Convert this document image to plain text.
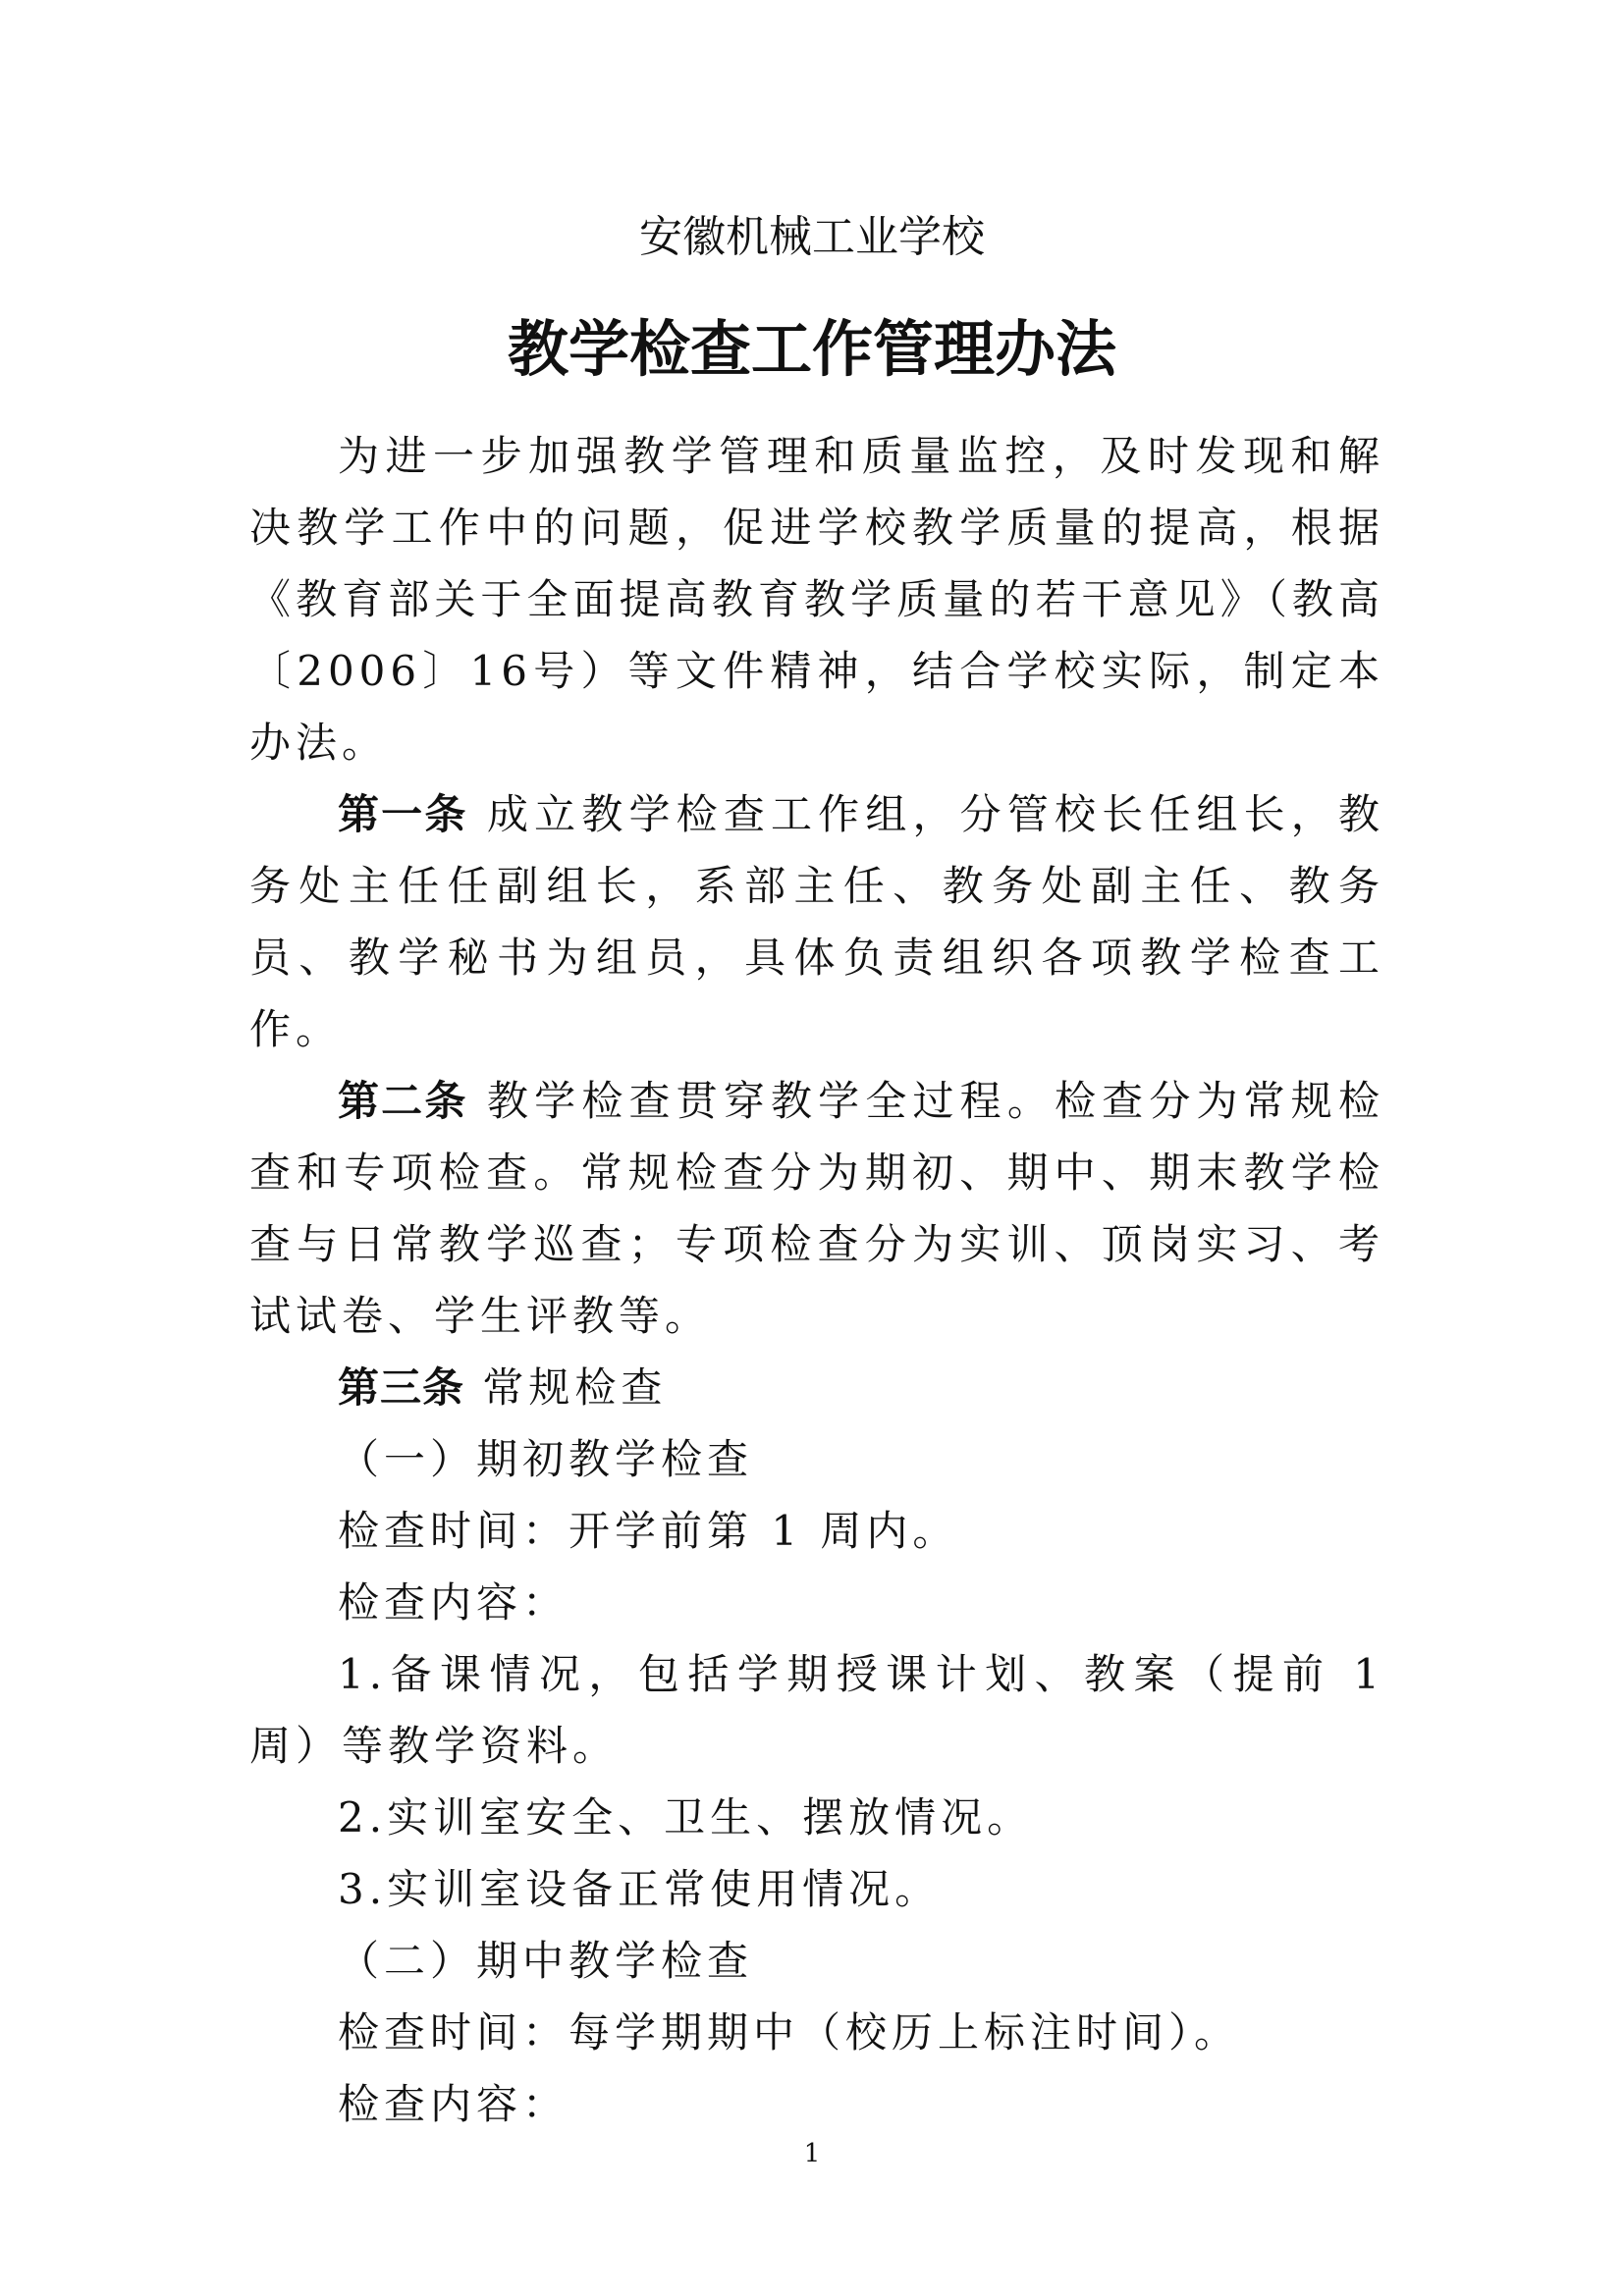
安徽机械工业学校
教学检查工作管理办法

为进一步加强教学管理和质量监控，及时发现和解决教学工作中的问题，促进学校教学质量的提高，根据《教育部关于全面提高教育教学质量的若干意见》（教高〔2006〕16号）等文件精神，结合学校实际，制定本办法。

第一条 成立教学检查工作组，分管校长任组长，教务处主任任副组长，系部主任、教务处副主任、教务员、教学秘书为组员，具体负责组织各项教学检查工作。

第二条 教学检查贯穿教学全过程。检查分为常规检查和专项检查。常规检查分为期初、期中、期末教学检查与日常教学巡查；专项检查分为实训、顶岗实习、考试试卷、学生评教等。

第三条 常规检查

（一）期初教学检查

检查时间：开学前第 1 周内。

检查内容：

1.备课情况，包括学期授课计划、教案（提前 1 周）等教学资料。

2.实训室安全、卫生、摆放情况。

3.实训室设备正常使用情况。

（二）期中教学检查

检查时间：每学期期中（校历上标注时间）。

检查内容：

1
